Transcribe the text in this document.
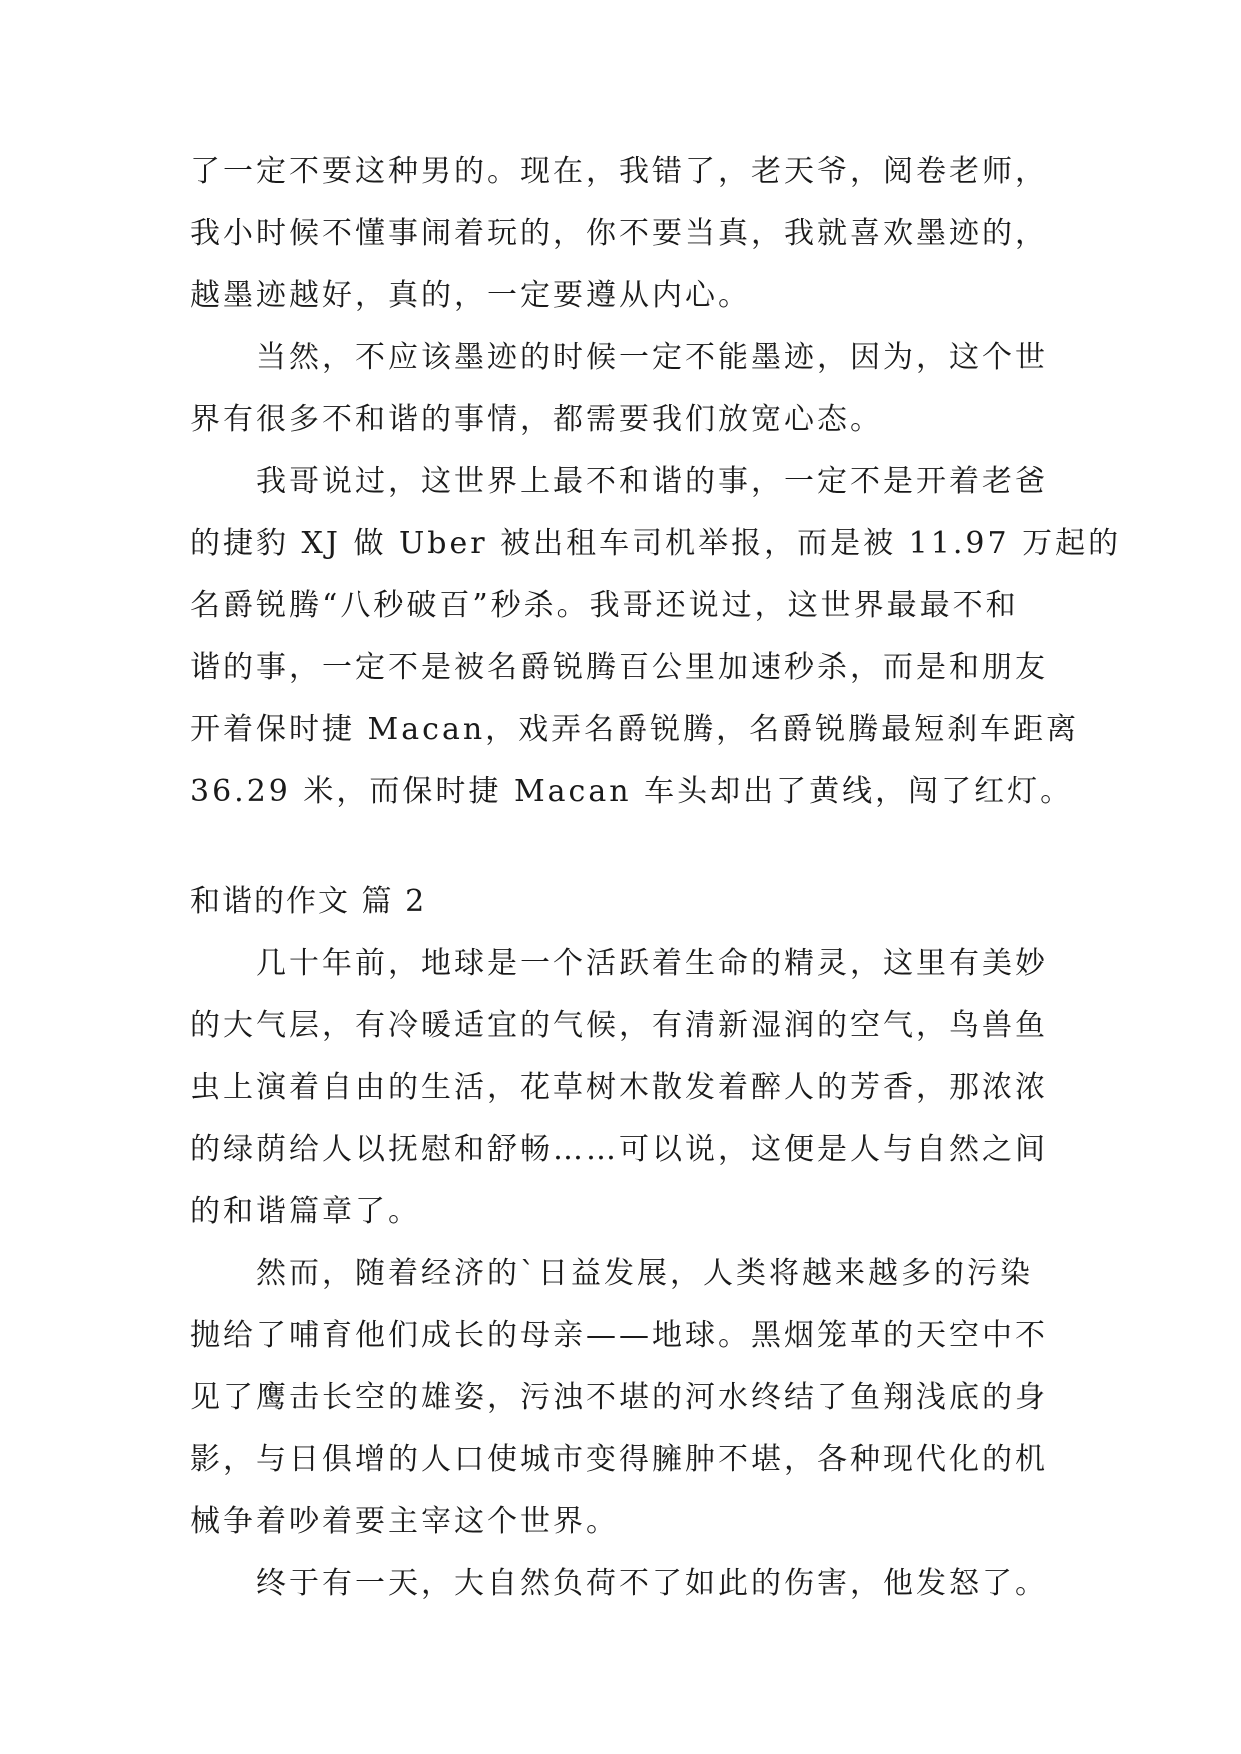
了一定不要这种男的。现在，我错了，老天爷，阅卷老师，
我小时候不懂事闹着玩的，你不要当真，我就喜欢墨迹的，
越墨迹越好，真的，一定要遵从内心。
当然，不应该墨迹的时候一定不能墨迹，因为，这个世
界有很多不和谐的事情，都需要我们放宽心态。
我哥说过，这世界上最不和谐的事，一定不是开着老爸
的捷豹 XJ 做 Uber 被出租车司机举报，而是被 11.97 万起的
名爵锐腾“八秒破百”秒杀。我哥还说过，这世界最最不和
谐的事，一定不是被名爵锐腾百公里加速秒杀，而是和朋友
开着保时捷 Macan，戏弄名爵锐腾，名爵锐腾最短刹车距离
36.29 米，而保时捷 Macan 车头却出了黄线，闯了红灯。
和谐的作文 篇 2
几十年前，地球是一个活跃着生命的精灵，这里有美妙
的大气层，有冷暖适宜的气候，有清新湿润的空气，鸟兽鱼
虫上演着自由的生活，花草树木散发着醉人的芳香，那浓浓
的绿荫给人以抚慰和舒畅……可以说，这便是人与自然之间
的和谐篇章了。
然而，随着经济的`日益发展，人类将越来越多的污染
抛给了哺育他们成长的母亲——地球。黑烟笼革的天空中不
见了鹰击长空的雄姿，污浊不堪的河水终结了鱼翔浅底的身
影，与日俱增的人口使城市变得臃肿不堪，各种现代化的机
械争着吵着要主宰这个世界。
终于有一天，大自然负荷不了如此的伤害，他发怒了。
